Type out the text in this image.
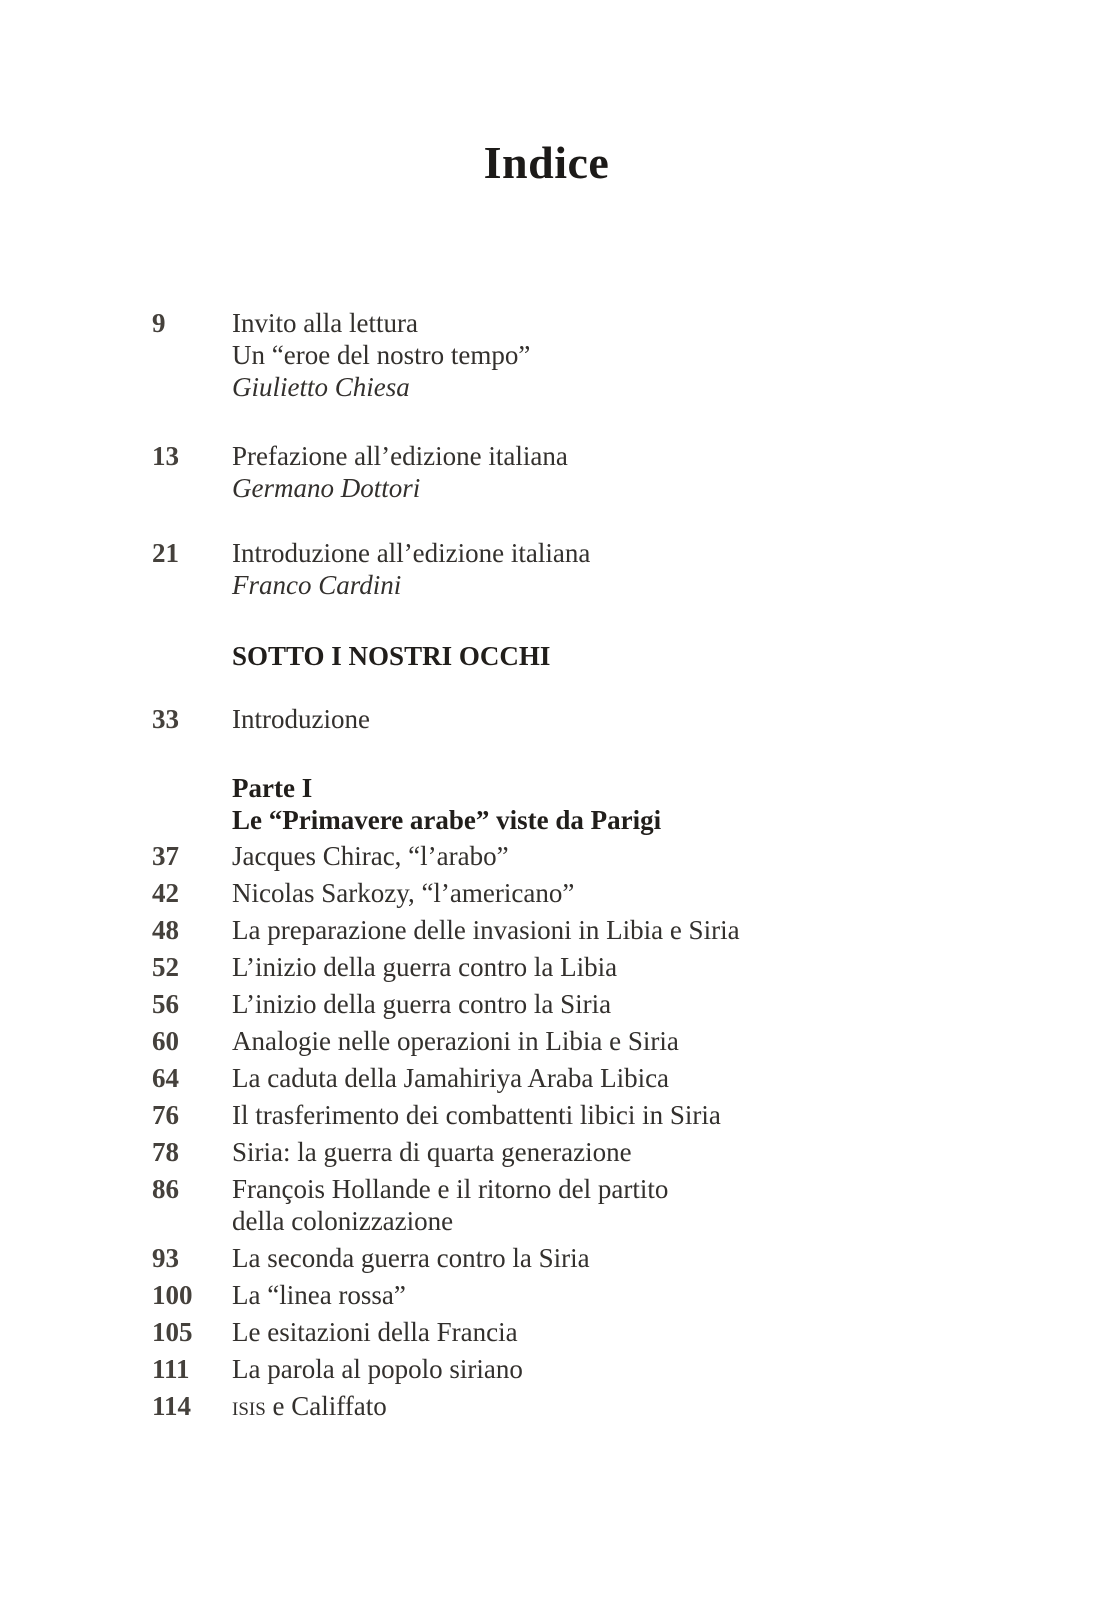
Indice
9	Invito alla lettura
Un “eroe del nostro tempo”
Giulietto Chiesa
13	Prefazione all’edizione italiana
Germano Dottori
21	Introduzione all’edizione italiana
Franco Cardini
SOTTO I NOSTRI OCCHI
33	Introduzione
Parte I
Le “Primavere arabe” viste da Parigi
37	Jacques Chirac, “l’arabo”
42	Nicolas Sarkozy, “l’americano”
48	La preparazione delle invasioni in Libia e Siria
52	L’inizio della guerra contro la Libia
56	L’inizio della guerra contro la Siria
60	Analogie nelle operazioni in Libia e Siria
64	La caduta della Jamahiriya Araba Libica
76	Il trasferimento dei combattenti libici in Siria
78	Siria: la guerra di quarta generazione
86	François Hollande e il ritorno del partito
della colonizzazione
93	La seconda guerra contro la Siria
100	La “linea rossa”
105	Le esitazioni della Francia
111	La parola al popolo siriano
114	isis e Califfato
